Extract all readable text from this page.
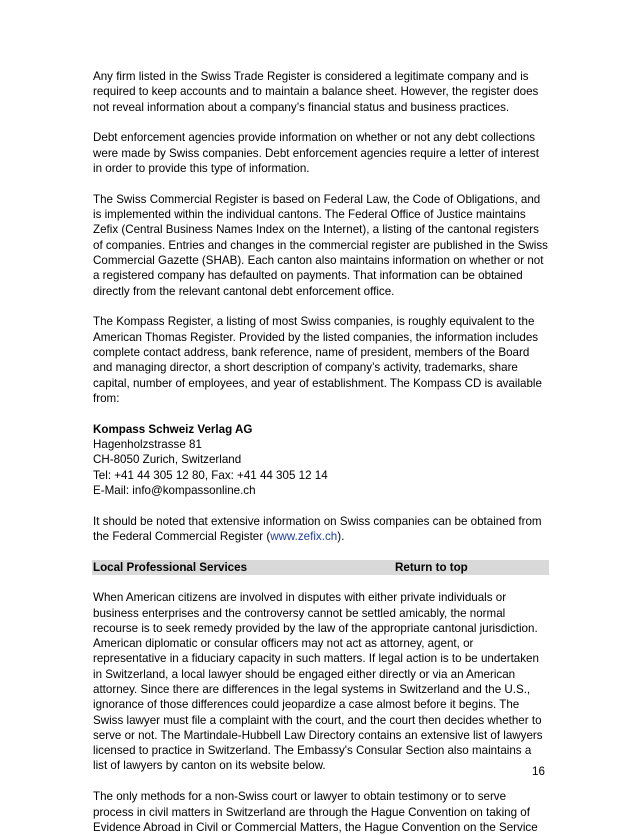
Any firm listed in the Swiss Trade Register is considered a legitimate company and is
required to keep accounts and to maintain a balance sheet. However, the register does
not reveal information about a company’s financial status and business practices.
Debt enforcement agencies provide information on whether or not any debt collections
were made by Swiss companies. Debt enforcement agencies require a letter of interest
in order to provide this type of information.
The Swiss Commercial Register is based on Federal Law, the Code of Obligations, and
is implemented within the individual cantons. The Federal Office of Justice maintains
Zefix (Central Business Names Index on the Internet), a listing of the cantonal registers
of companies. Entries and changes in the commercial register are published in the Swiss
Commercial Gazette (SHAB). Each canton also maintains information on whether or not
a registered company has defaulted on payments. That information can be obtained
directly from the relevant cantonal debt enforcement office.
The Kompass Register, a listing of most Swiss companies, is roughly equivalent to the
American Thomas Register. Provided by the listed companies, the information includes
complete contact address, bank reference, name of president, members of the Board
and managing director, a short description of company’s activity, trademarks, share
capital, number of employees, and year of establishment. The Kompass CD is available
from:
Kompass Schweiz Verlag AG
Hagenholzstrasse 81
CH-8050 Zurich, Switzerland
Tel: +41 44 305 12 80, Fax: +41 44 305 12 14
E-Mail: info@kompassonline.ch
It should be noted that extensive information on Swiss companies can be obtained from
the Federal Commercial Register (www.zefix.ch).
Local Professional Services	Return to top
When American citizens are involved in disputes with either private individuals or
business enterprises and the controversy cannot be settled amicably, the normal
recourse is to seek remedy provided by the law of the appropriate cantonal jurisdiction.
American diplomatic or consular officers may not act as attorney, agent, or
representative in a fiduciary capacity in such matters. If legal action is to be undertaken
in Switzerland, a local lawyer should be engaged either directly or via an American
attorney. Since there are differences in the legal systems in Switzerland and the U.S.,
ignorance of those differences could jeopardize a case almost before it begins. The
Swiss lawyer must file a complaint with the court, and the court then decides whether to
serve or not. The Martindale-Hubbell Law Directory contains an extensive list of lawyers
licensed to practice in Switzerland. The Embassy's Consular Section also maintains a
list of lawyers by canton on its website below.
The only methods for a non-Swiss court or lawyer to obtain testimony or to serve
process in civil matters in Switzerland are through the Hague Convention on taking of
Evidence Abroad in Civil or Commercial Matters, the Hague Convention on the Service
16
